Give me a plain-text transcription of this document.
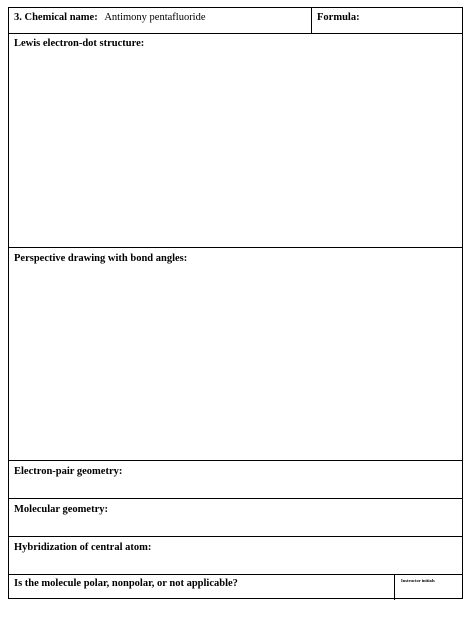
3. Chemical name: Antimony pentafluoride	Formula:
Lewis electron-dot structure:
Perspective drawing with bond angles:
Electron-pair geometry:
Molecular geometry:
Hybridization of central atom:
Is the molecule polar, nonpolar, or not applicable?	Instructor initials
